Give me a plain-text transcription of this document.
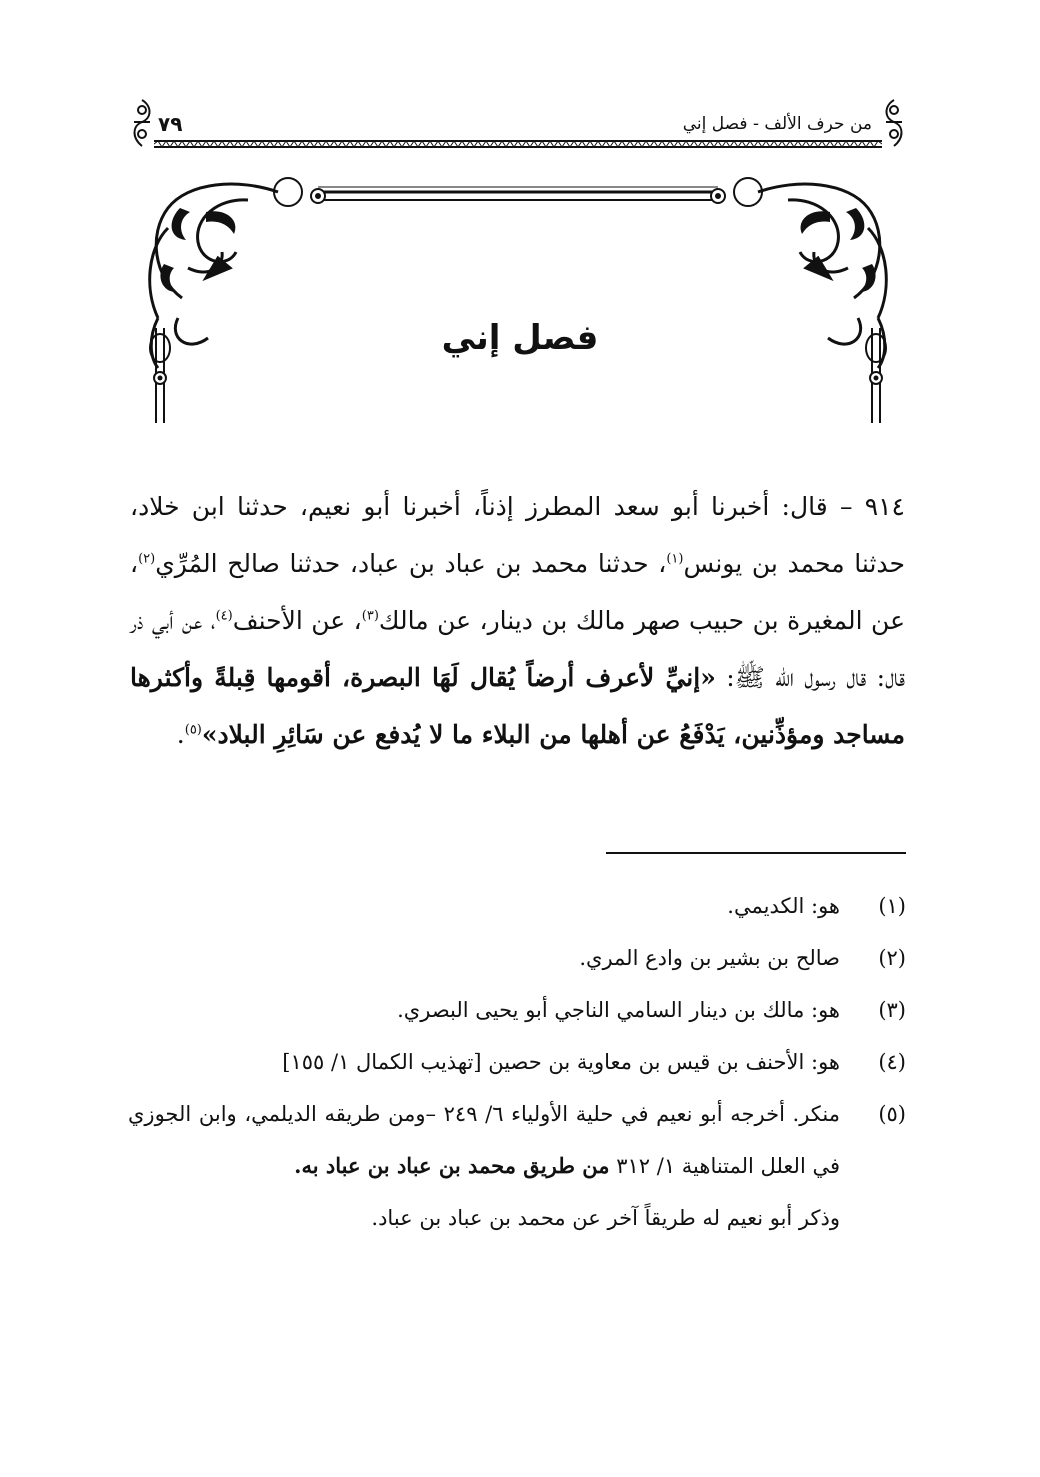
من حرف الألف - فصل إني
٧٩
فصل إني
٩١٤ – قال: أخبرنا أبو سعد المطرز إذناً، أخبرنا أبو نعيم، حدثنا ابن خلاد، حدثنا محمد بن يونس$^{(١)}$، حدثنا محمد بن عباد بن عباد، حدثنا صالح المُرِّي$^{(٢)}$، عن المغيرة بن حبيب صهر مالك بن دينار، عن مالك$^{(٣)}$، عن الأحنف$^{(٤)}$، عن أبي ذر قال: قال رسول الله ﷺ: «إنيِّ لأعرف أرضاً يُقال لَهَا البصرة، أقومها قِبلةً وأكثرها مساجد ومؤذِّنين، يَدْفَعُ عن أهلها من البلاء ما لا يُدفع عن سَائِرِ البلاد»$^{(٥)}$.
(١)
هو: الكديمي.
(٢)
صالح بن بشير بن وادع المري.
(٣)
هو: مالك بن دينار السامي الناجي أبو يحيى البصري.
(٤)
هو: الأحنف بن قيس بن معاوية بن حصين [تهذيب الكمال ١/ ١٥٥]
(٥)
منكر. أخرجه أبو نعيم في حلية الأولياء ٦/ ٢٤٩ –ومن طريقه الديلمي، وابن الجوزي في العلل المتناهية ١/ ٣١٢ من طريق محمد بن عباد بن عباد به.
وذكر أبو نعيم له طريقاً آخر عن محمد بن عباد بن عباد.
